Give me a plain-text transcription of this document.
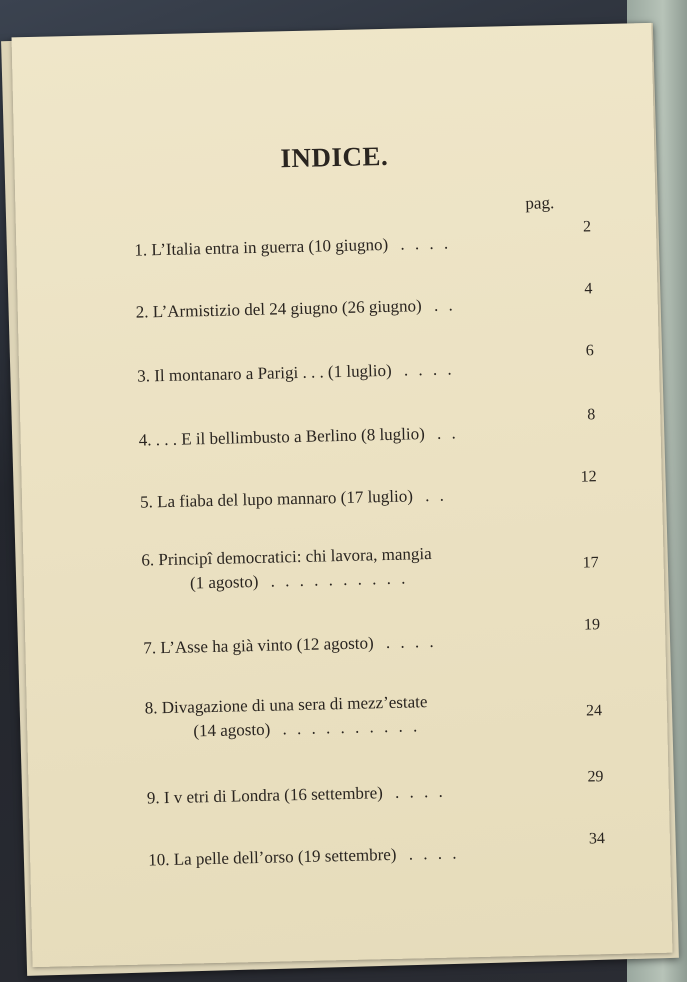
INDICE.
pag.
1. L’Italia entra in guerra (10 giugno) . . . .
2
2. L’Armistizio del 24 giugno (26 giugno) . .
4
3. Il montanaro a Parigi . . . (1 luglio) . . . .
6
4. . . . E il bellimbusto a Berlino (8 luglio) . .
8
5. La fiaba del lupo mannaro (17 luglio) . .
12
6. Principî democratici: chi lavora, mangia
(1 agosto) . . . . . . . . . .
17
7. L’Asse ha già vinto (12 agosto) . . . .
19
8. Divagazione di una sera di mezz’estate
(14 agosto) . . . . . . . . . .
24
9. I v etri di Londra (16 settembre) . . . .
29
10. La pelle dell’orso (19 settembre) . . . .
34
